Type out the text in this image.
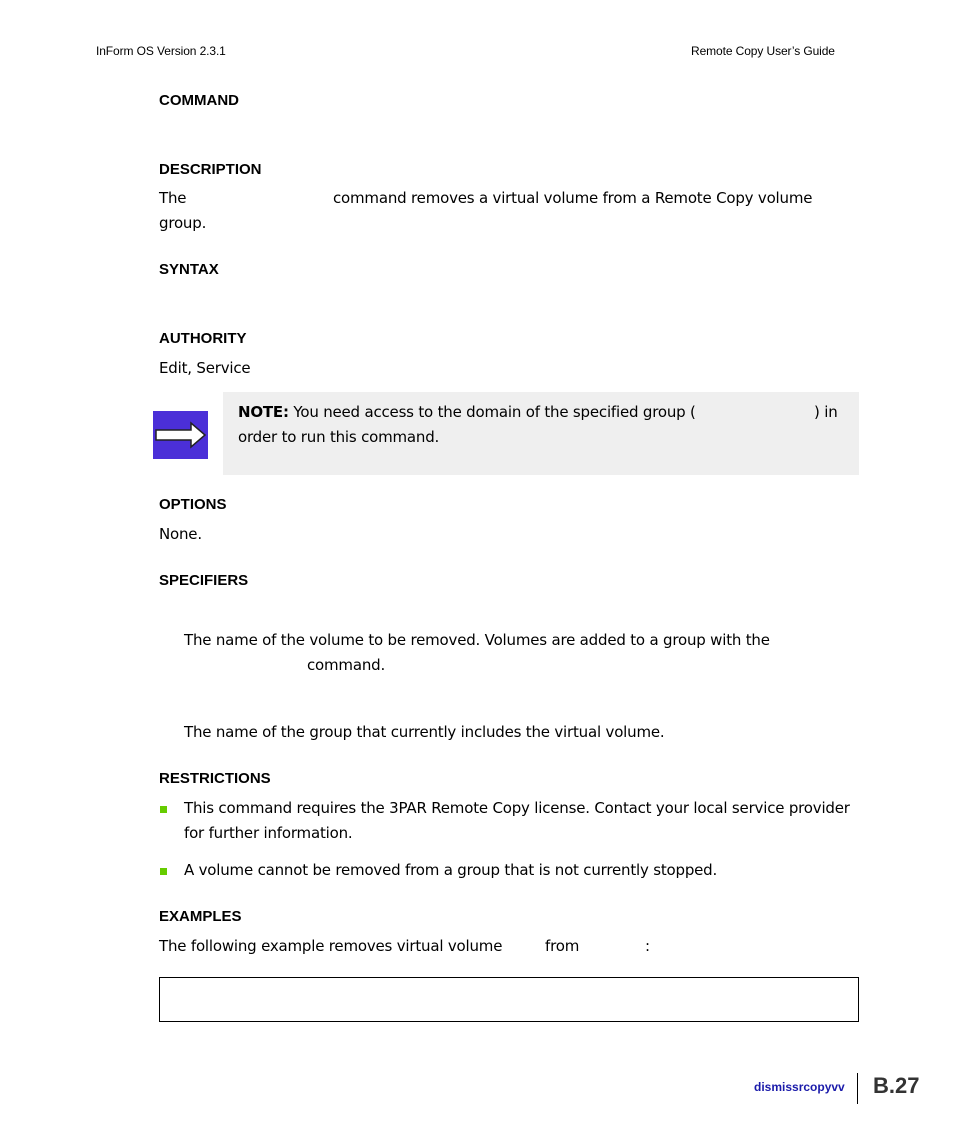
InForm OS Version 2.3.1	Remote Copy User’s Guide
COMMAND
DESCRIPTION
The	command removes a virtual volume from a Remote Copy volume
group.
SYNTAX
AUTHORITY
Edit, Service
NOTE: You need access to the domain of the specified group (	) in
order to run this command.
OPTIONS
None.
SPECIFIERS
The name of the volume to be removed. Volumes are added to a group with the
command.
The name of the group that currently includes the virtual volume.
RESTRICTIONS
This command requires the 3PAR Remote Copy license. Contact your local service provider
for further information.
A volume cannot be removed from a group that is not currently stopped.
EXAMPLES
The following example removes virtual volume	from	:
dismissrcopyvv B.27
